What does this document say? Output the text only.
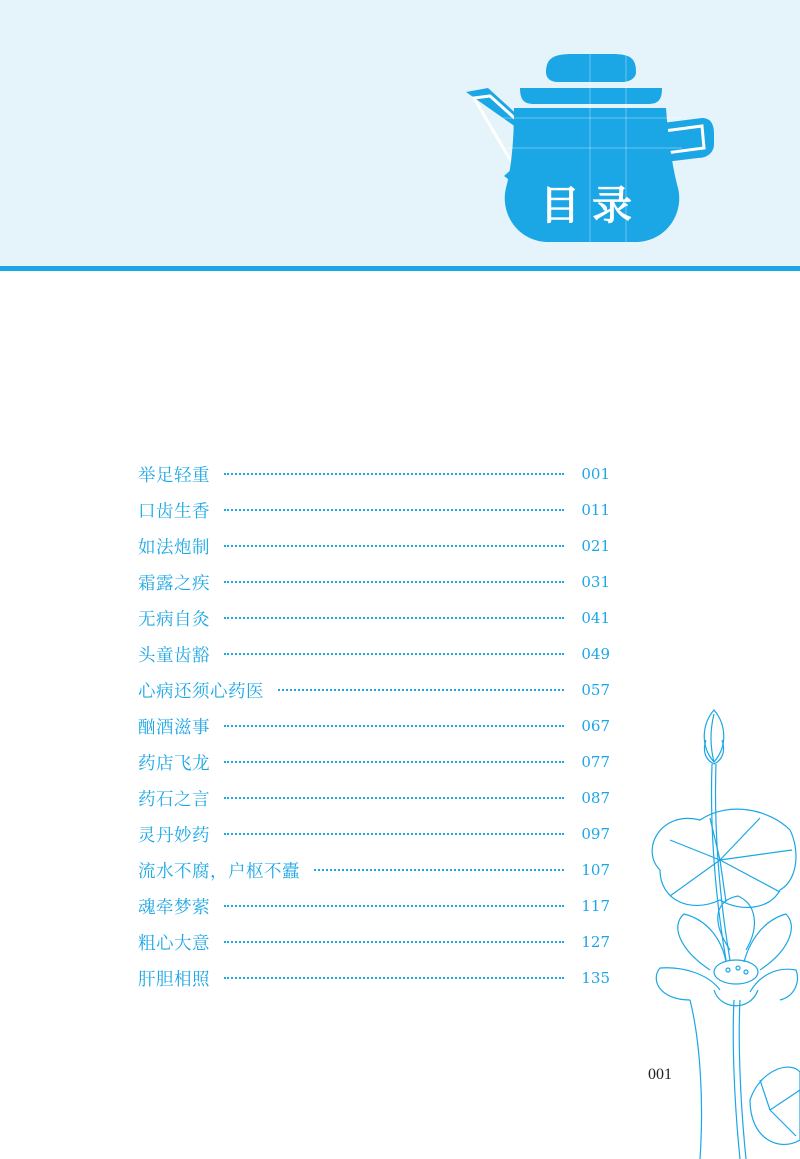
目录
举足轻重	001
口齿生香	011
如法炮制	021
霜露之疾	031
无病自灸	041
头童齿豁	049
心病还须心药医	057
酗酒滋事	067
药店飞龙	077
药石之言	087
灵丹妙药	097
流水不腐，户枢不蠹	107
魂牵梦萦	117
粗心大意	127
肝胆相照	135
001
